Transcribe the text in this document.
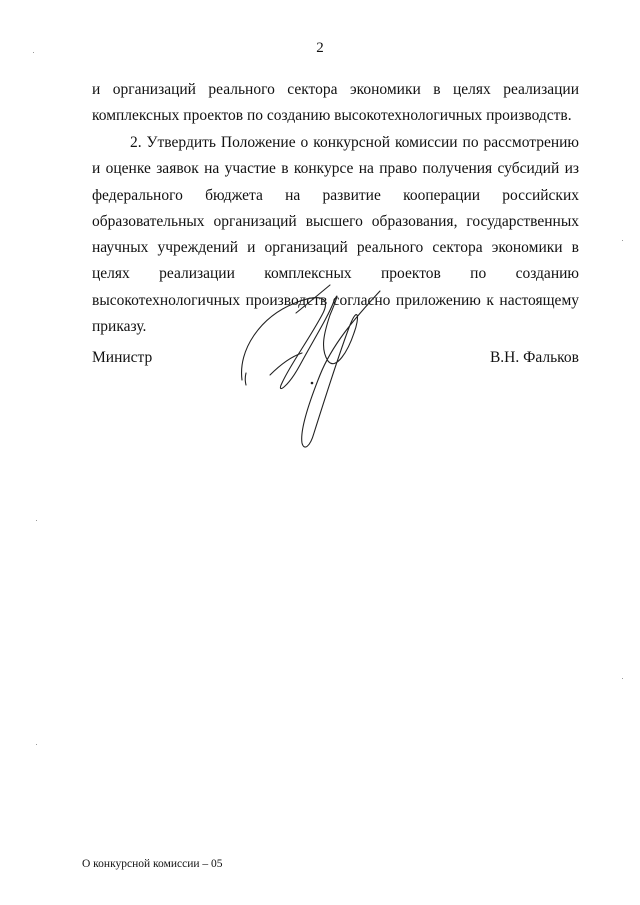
2

и организаций реального сектора экономики в целях реализации комплексных проектов по созданию высокотехнологичных производств.

2. Утвердить Положение о конкурсной комиссии по рассмотрению и оценке заявок на участие в конкурсе на право получения субсидий из федерального бюджета на развитие кооперации российских образовательных организаций высшего образования, государственных научных учреждений и организаций реального сектора экономики в целях реализации комплексных проектов по созданию высокотехнологичных производств согласно приложению к настоящему приказу.

Министр	В.Н. Фальков
О конкурсной комиссии – 05
